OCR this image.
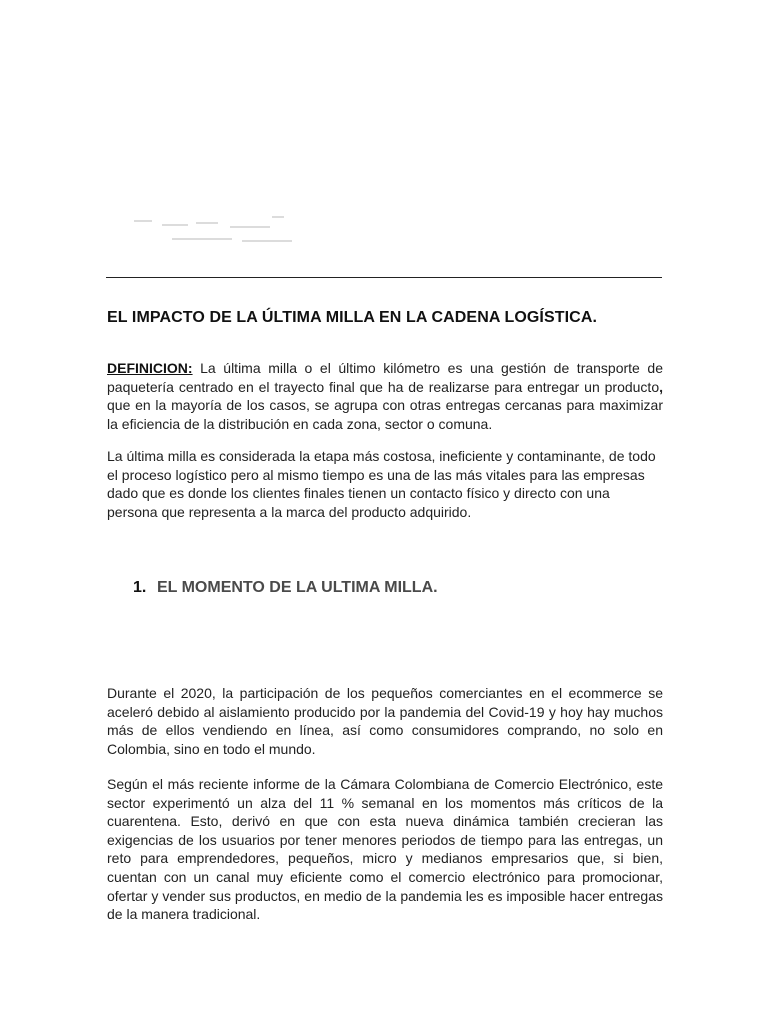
EL IMPACTO DE LA ÚLTIMA MILLA EN LA CADENA LOGÍSTICA.

DEFINICION: La última milla o el último kilómetro es una gestión de transporte de paquetería centrado en el trayecto final que ha de realizarse para entregar un producto, que en la mayoría de los casos, se agrupa con otras entregas cercanas para maximizar la eficiencia de la distribución en cada zona, sector o comuna.

La última milla es considerada la etapa más costosa, ineficiente y contaminante, de todo el proceso logístico pero al mismo tiempo es una de las más vitales para las empresas dado que es donde los clientes finales tienen un contacto físico y directo con una persona que representa a la marca del producto adquirido.

1. EL MOMENTO DE LA ULTIMA MILLA.

Durante el 2020, la participación de los pequeños comerciantes en el ecommerce se aceleró debido al aislamiento producido por la pandemia del Covid-19 y hoy hay muchos más de ellos vendiendo en línea, así como consumidores comprando, no solo en Colombia, sino en todo el mundo.

Según el más reciente informe de la Cámara Colombiana de Comercio Electrónico, este sector experimentó un alza del 11 % semanal en los momentos más críticos de la cuarentena. Esto, derivó en que con esta nueva dinámica también crecieran las exigencias de los usuarios por tener menores periodos de tiempo para las entregas, un reto para emprendedores, pequeños, micro y medianos empresarios que, si bien, cuentan con un canal muy eficiente como el comercio electrónico para promocionar, ofertar y vender sus productos, en medio de la pandemia les es imposible hacer entregas de la manera tradicional.
